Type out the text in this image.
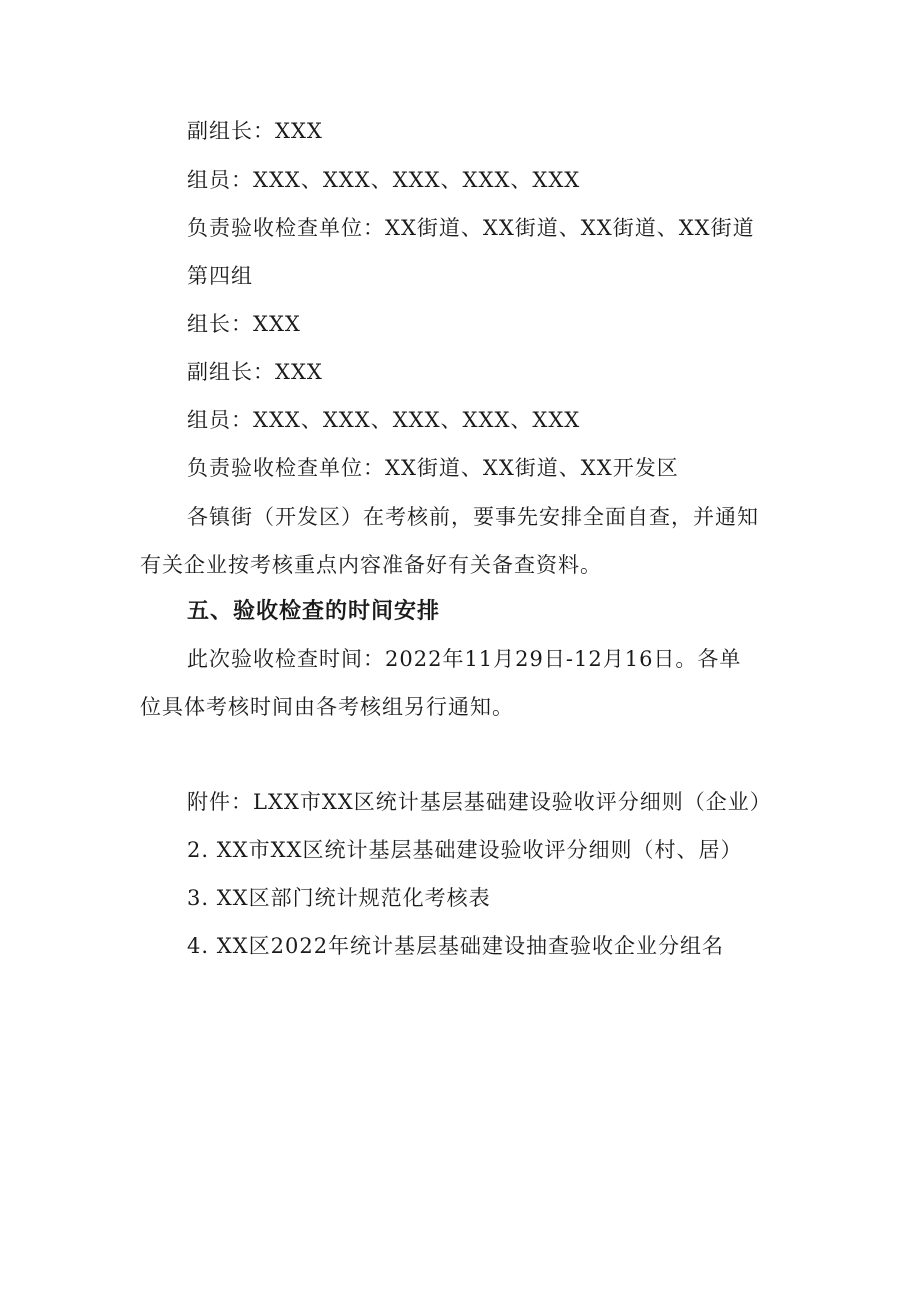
副组长：XXX
组员：XXX、XXX、XXX、XXX、XXX
负责验收检查单位：XX街道、XX街道、XX街道、XX街道
第四组
组长：XXX
副组长：XXX
组员：XXX、XXX、XXX、XXX、XXX
负责验收检查单位：XX街道、XX街道、XX开发区
各镇街（开发区）在考核前，要事先安排全面自查，并通知
有关企业按考核重点内容准备好有关备查资料。
五、验收检查的时间安排
此次验收检查时间：2022年11月29日-12月16日。各单
位具体考核时间由各考核组另行通知。
附件：LXX市XX区统计基层基础建设验收评分细则（企业）
2. XX市XX区统计基层基础建设验收评分细则（村、居）
3. XX区部门统计规范化考核表
4. XX区2022年统计基层基础建设抽查验收企业分组名
